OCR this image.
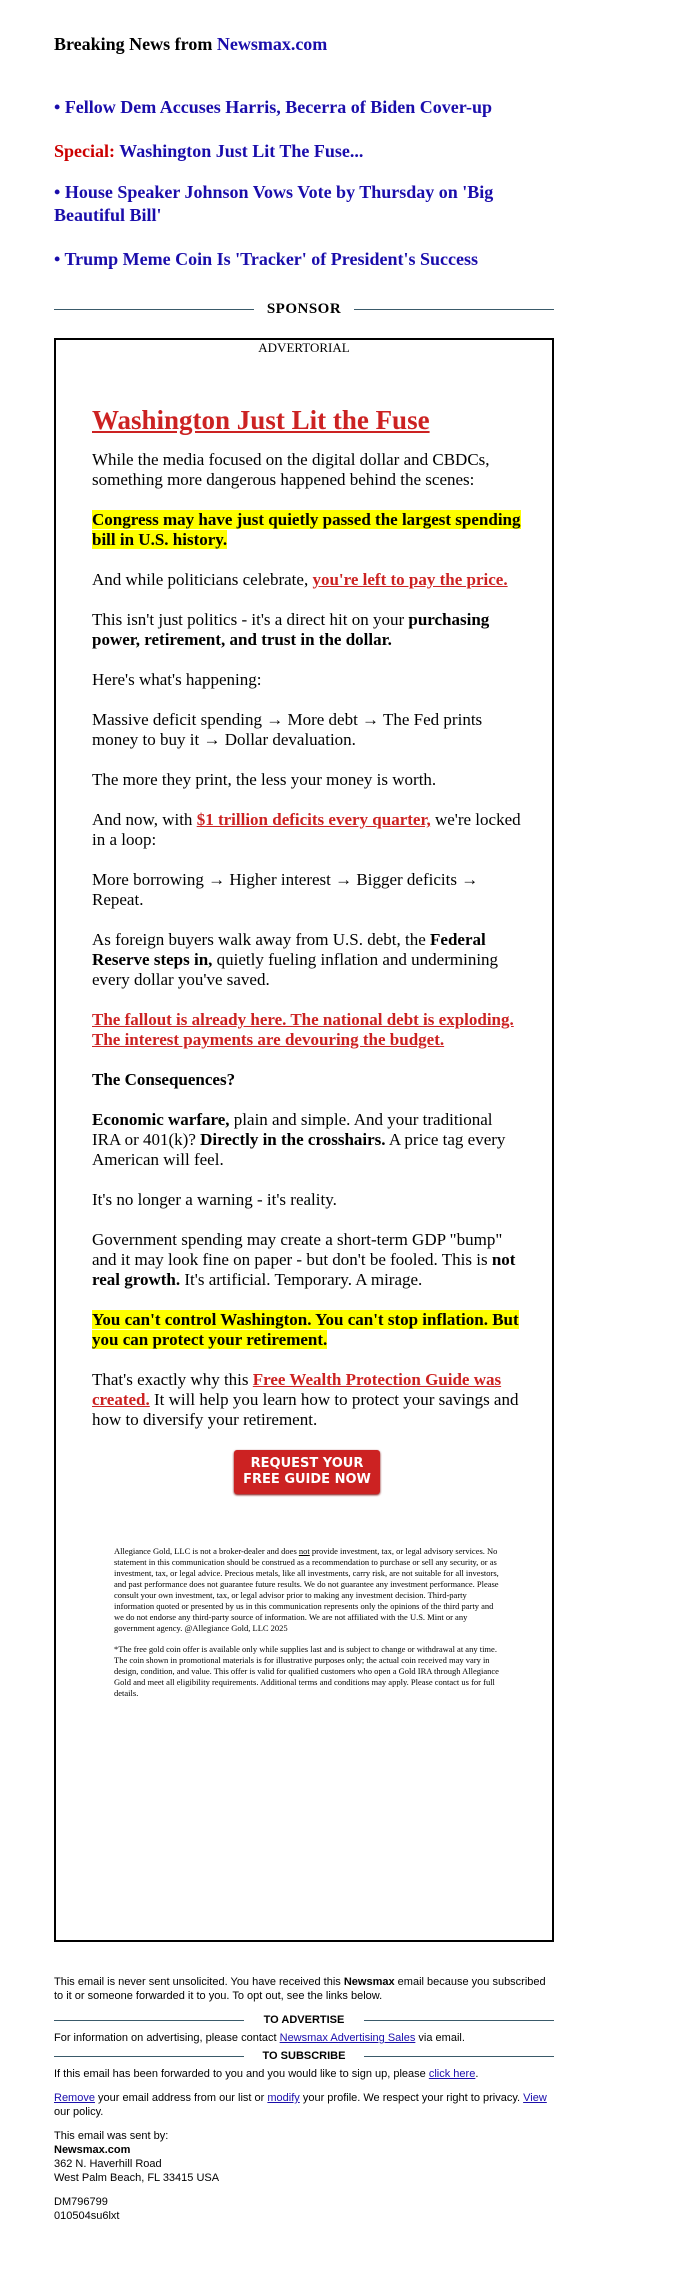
Breaking News from Newsmax.com
• Fellow Dem Accuses Harris, Becerra of Biden Cover-up
Special: Washington Just Lit The Fuse...
• House Speaker Johnson Vows Vote by Thursday on 'Big Beautiful Bill'
• Trump Meme Coin Is 'Tracker' of President's Success
SPONSOR
ADVERTORIAL
Washington Just Lit the Fuse

While the media focused on the digital dollar and CBDCs, something more dangerous happened behind the scenes:

Congress may have just quietly passed the largest spending bill in U.S. history.

And while politicians celebrate, you're left to pay the price.

This isn't just politics - it's a direct hit on your purchasing power, retirement, and trust in the dollar.

Here's what's happening:

Massive deficit spending → More debt → The Fed prints money to buy it → Dollar devaluation.

The more they print, the less your money is worth.

And now, with $1 trillion deficits every quarter, we're locked in a loop:

More borrowing → Higher interest → Bigger deficits → Repeat.

As foreign buyers walk away from U.S. debt, the Federal Reserve steps in, quietly fueling inflation and undermining every dollar you've saved.

The fallout is already here. The national debt is exploding. The interest payments are devouring the budget.

The Consequences?

Economic warfare, plain and simple. And your traditional IRA or 401(k)? Directly in the crosshairs. A price tag every American will feel.

It's no longer a warning - it's reality.

Government spending may create a short-term GDP "bump" and it may look fine on paper - but don't be fooled. This is not real growth. It's artificial. Temporary. A mirage.

You can't control Washington. You can't stop inflation. But you can protect your retirement.

That's exactly why this Free Wealth Protection Guide was created. It will help you learn how to protect your savings and how to diversify your retirement.

REQUEST YOUR
FREE GUIDE NOW

Allegiance Gold, LLC is not a broker-dealer and does not provide investment, tax, or legal advisory services. No statement in this communication should be construed as a recommendation to purchase or sell any security, or as investment, tax, or legal advice. Precious metals, like all investments, carry risk, are not suitable for all investors, and past performance does not guarantee future results. We do not guarantee any investment performance. Please consult your own investment, tax, or legal advisor prior to making any investment decision. Third-party information quoted or presented by us in this communication represents only the opinions of the third party and we do not endorse any third-party source of information. We are not affiliated with the U.S. Mint or any government agency. @Allegiance Gold, LLC 2025

*The free gold coin offer is available only while supplies last and is subject to change or withdrawal at any time. The coin shown in promotional materials is for illustrative purposes only; the actual coin received may vary in design, condition, and value. This offer is valid for qualified customers who open a Gold IRA through Allegiance Gold and meet all eligibility requirements. Additional terms and conditions may apply. Please contact us for full details.

This email is never sent unsolicited. You have received this Newsmax email because you subscribed to it or someone forwarded it to you. To opt out, see the links below.

TO ADVERTISE

For information on advertising, please contact Newsmax Advertising Sales via email.

TO SUBSCRIBE

If this email has been forwarded to you and you would like to sign up, please click here.

Remove your email address from our list or modify your profile. We respect your right to privacy. View our policy.

This email was sent by:
Newsmax.com
362 N. Haverhill Road
West Palm Beach, FL 33415 USA

DM796799
010504su6lxt
